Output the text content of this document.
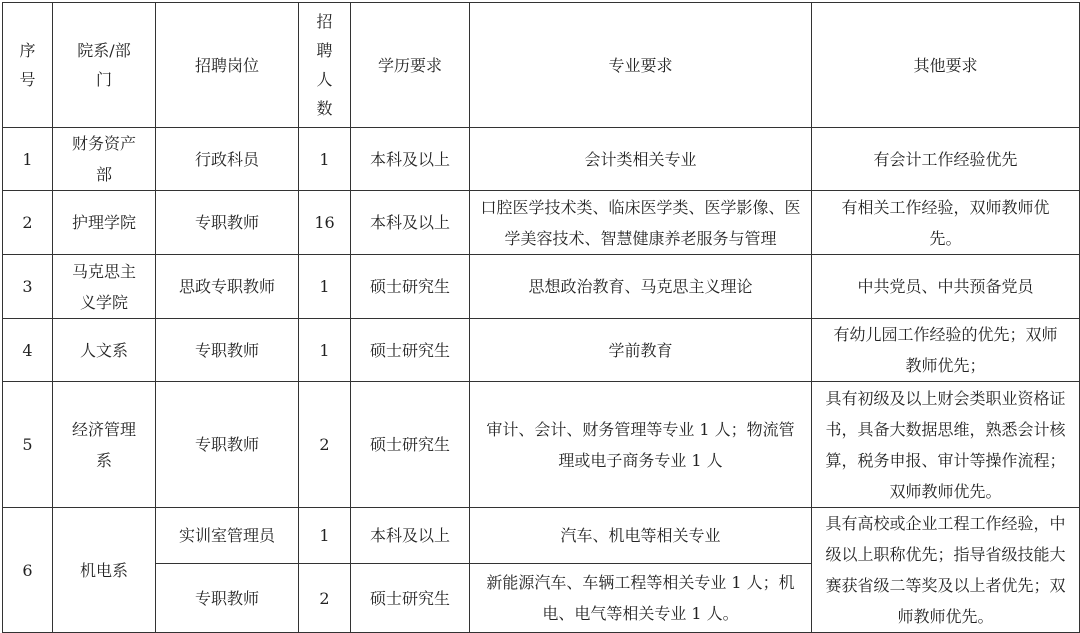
序号	院系/部门	招聘岗位	招聘人数	学历要求	专业要求	其他要求
1	财务资产部	行政科员	1	本科及以上	会计类相关专业	有会计工作经验优先
2	护理学院	专职教师	16	本科及以上	口腔医学技术类、临床医学类、医学影像、医学美容技术、智慧健康养老服务与管理	有相关工作经验，双师教师优先。
3	马克思主义学院	思政专职教师	1	硕士研究生	思想政治教育、马克思主义理论	中共党员、中共预备党员
4	人文系	专职教师	1	硕士研究生	学前教育	有幼儿园工作经验的优先；双师教师优先；
5	经济管理系	专职教师	2	硕士研究生	审计、会计、财务管理等专业 1 人；物流管理或电子商务专业 1 人	具有初级及以上财会类职业资格证书，具备大数据思维，熟悉会计核算，税务申报、审计等操作流程；双师教师优先。
6	机电系	实训室管理员	1	本科及以上	汽车、机电等相关专业	具有高校或企业工程工作经验，中级以上职称优先；指导省级技能大赛获省级二等奖及以上者优先；双师教师优先。
		专职教师	2	硕士研究生	新能源汽车、车辆工程等相关专业 1 人；机电、电气等相关专业 1 人。	
